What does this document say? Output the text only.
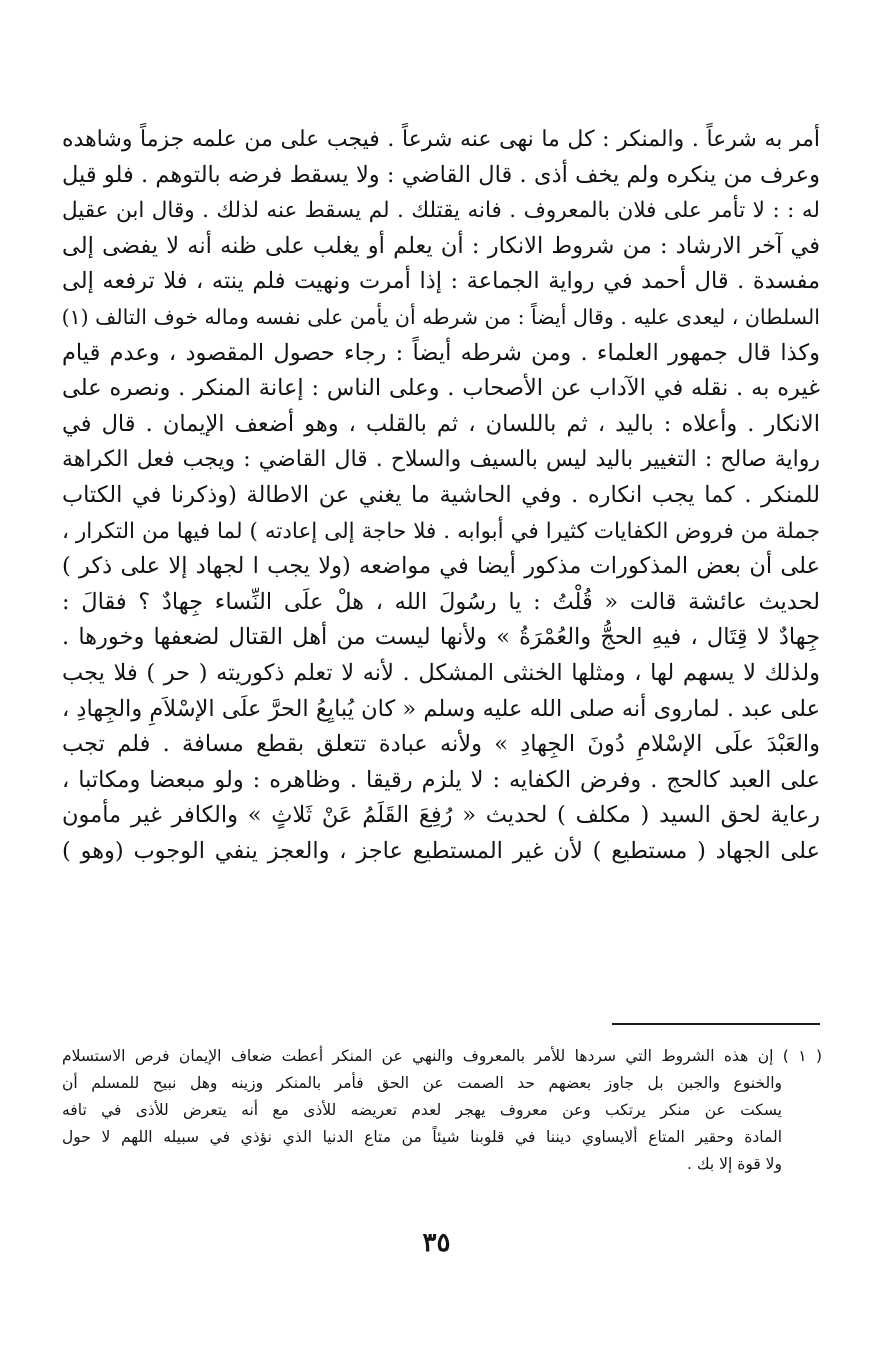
أمر به شرعاً . والمنكر : كل ما نهى عنه شرعاً . فيجب على من علمه جزماً وشاهده
وعرف من ينكره ولم يخف أذى . قال القاضي : ولا يسقط فرضه بالتوهم . فلو قيل
له : : لا تأمر على فلان بالمعروف . فانه يقتلك . لم يسقط عنه لذلك . وقال ابن عقيل
في آخر الارشاد : من شروط الانكار : أن يعلم أو يغلب على ظنه أنه لا يفضى إلى
مفسدة . قال أحمد في رواية الجماعة : إذا أمرت ونهيت فلم ينته ، فلا ترفعه إلى
السلطان ، ليعدى عليه . وقال أيضاً : من شرطه أن يأمن على نفسه وماله خوف التالف (١)
وكذا قال جمهور العلماء . ومن شرطه أيضاً : رجاء حصول المقصود ، وعدم قيام
غيره به . نقله في الآداب عن الأصحاب . وعلى الناس : إعانة المنكر . ونصره على
الانكار . وأعلاه : باليد ، ثم باللسان ، ثم بالقلب ، وهو أضعف الإيمان . قال في
رواية صالح : التغيير باليد ليس بالسيف والسلاح . قال القاضي : ويجب فعل الكراهة
للمنكر . كما يجب انكاره . وفي الحاشية ما يغني عن الاطالة (وذكرنا في الكتاب
جملة من فروض الكفايات كثيرا في أبوابه . فلا حاجة إلى إعادته ) لما فيها من التكرار ،
على أن بعض المذكورات مذكور أيضا في مواضعه (ولا يجب ا لجهاد إلا على ذكر )
لحديث عائشة قالت « قُلْتُ : يا رسُولَ الله ، هلْ علَى النِّساء جِهادٌ ؟ فقالَ :
جِهادٌ لا قِتَال ، فيهِ الحجُّ والعُمْرَةُ » ولأنها ليست من أهل القتال لضعفها وخورها .
ولذلك لا يسهم لها ، ومثلها الخنثى المشكل . لأنه لا تعلم ذكوريته ( حر ) فلا يجب
على عبد . لماروى أنه صلى الله عليه وسلم « كان يُبايِعُ الحرَّ علَى الإسْلاَمِ والجِهادِ ،
والعَبْدَ علَى الإسْلامِ دُونَ الجِهادِ » ولأنه عبادة تتعلق بقطع مسافة . فلم تجب
على العبد كالحج . وفرض الكفايه : لا يلزم رقيقا . وظاهره : ولو مبعضا ومكاتبا ،
رعاية لحق السيد ( مكلف ) لحديث « رُفِعَ القَلَمُ عَنْ ثَلاثٍ » والكافر غير مأمون
على الجهاد ( مستطيع ) لأن غير المستطيع عاجز ، والعجز ينفي الوجوب (وهو )
( ١ ) إن هذه الشروط التي سردها للأمر بالمعروف والنهي عن المنكر أعطت ضعاف الإيمان فرص الاستسلام
والخنوع والجبن بل جاوز بعضهم حد الصمت عن الحق فأمر بالمنكر وزينه وهل نبيح للمسلم أن
يسكت عن منكر يرتكب وعن معروف يهجر لعدم تعريضه للأذى مع أنه يتعرض للأذى في تافه
المادة وحقير المتاع ألايساوي ديننا في قلوبنا شيئاً من متاع الدنيا الذي نؤذي في سبيله اللهم لا حول
ولا قوة إلا بك .
٣٥
